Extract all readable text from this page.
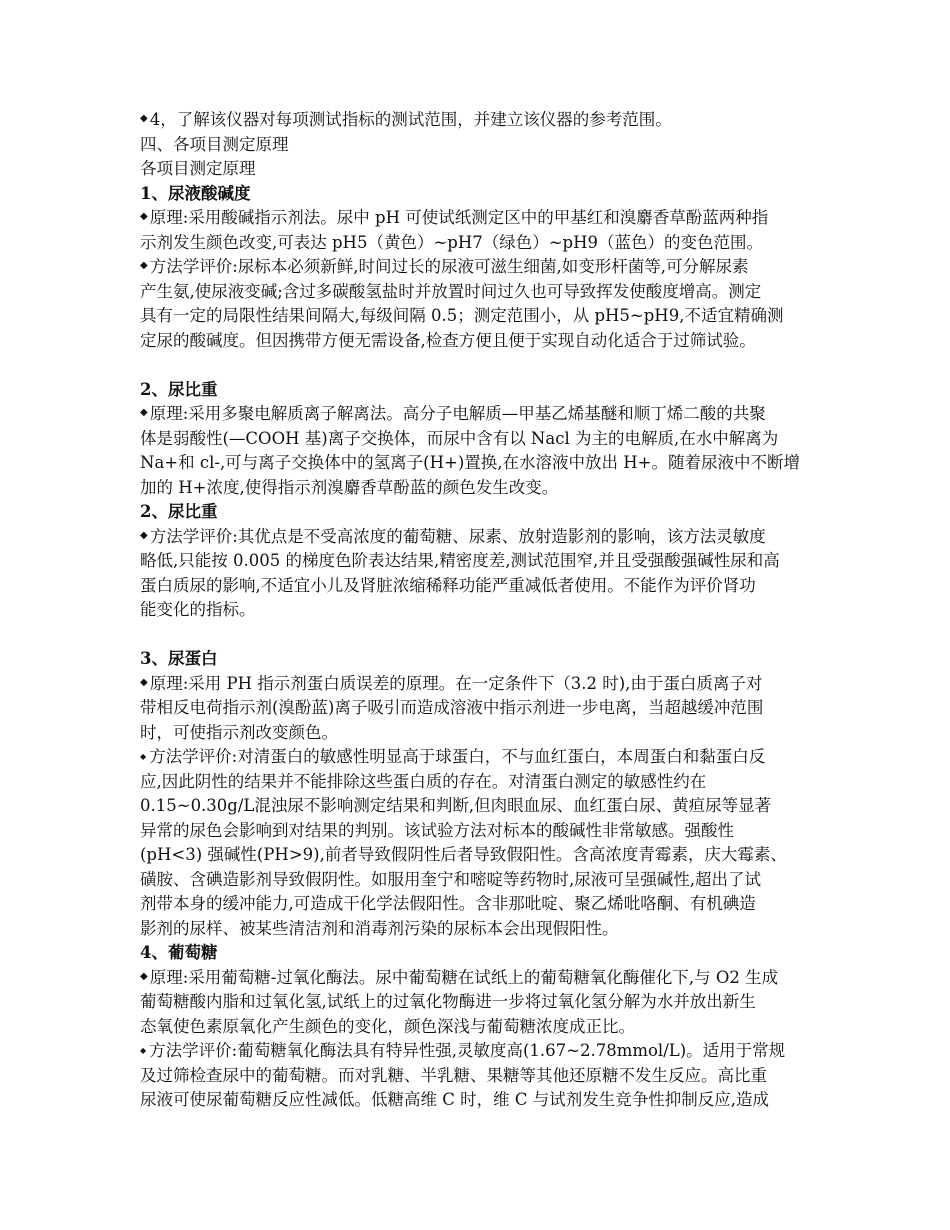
◆ 4，了解该仪器对每项测试指标的测试范围，并建立该仪器的参考范围。
四、各项目测定原理
各项目测定原理
1、尿液酸碱度
◆ 原理:采用酸碱指示剂法。尿中 pH 可使试纸测定区中的甲基红和溴麝香草酚蓝两种指
示剂发生颜色改变,可表达 pH5（黄色）~pH7（绿色）~pH9（蓝色）的变色范围。
◆ 方法学评价:尿标本必须新鲜,时间过长的尿液可滋生细菌,如变形杆菌等,可分解尿素
产生氨,使尿液变碱;含过多碳酸氢盐时并放置时间过久也可导致挥发使酸度增高。测定
具有一定的局限性结果间隔大,每级间隔 0.5；测定范围小，从 pH5~pH9,不适宜精确测
定尿的酸碱度。但因携带方便无需设备,检查方便且便于实现自动化适合于过筛试验。
2、尿比重
◆ 原理:采用多聚电解质离子解离法。高分子电解质—甲基乙烯基醚和顺丁烯二酸的共聚
体是弱酸性(—COOH 基)离子交换体，而尿中含有以 Nacl 为主的电解质,在水中解离为
Na+和 cl-,可与离子交换体中的氢离子(H+)置换,在水溶液中放出 H+。随着尿液中不断增
加的 H+浓度,使得指示剂溴麝香草酚蓝的颜色发生改变。
2、尿比重
◆ 方法学评价:其优点是不受高浓度的葡萄糖、尿素、放射造影剂的影响，该方法灵敏度
略低,只能按 0.005 的梯度色阶表达结果,精密度差,测试范围窄,并且受强酸强碱性尿和高
蛋白质尿的影响,不适宜小儿及肾脏浓缩稀释功能严重减低者使用。不能作为评价肾功
能变化的指标。
3、尿蛋白
◆ 原理:采用 PH 指示剂蛋白质误差的原理。在一定条件下（3.2 时),由于蛋白质离子对
带相反电荷指示剂(溴酚蓝)离子吸引而造成溶液中指示剂进一步电离，当超越缓冲范围
时，可使指示剂改变颜色。
◆ 方法学评价:对清蛋白的敏感性明显高于球蛋白，不与血红蛋白，本周蛋白和黏蛋白反
应,因此阴性的结果并不能排除这些蛋白质的存在。对清蛋白测定的敏感性约在
0.15~0.30g/L混浊尿不影响测定结果和判断,但肉眼血尿、血红蛋白尿、黄疸尿等显著
异常的尿色会影响到对结果的判别。该试验方法对标本的酸碱性非常敏感。强酸性
(pH<3) 强碱性(PH>9),前者导致假阴性后者导致假阳性。含高浓度青霉素，庆大霉素、
磺胺、含碘造影剂导致假阴性。如服用奎宁和嘧啶等药物时,尿液可呈强碱性,超出了试
剂带本身的缓冲能力,可造成干化学法假阳性。含非那吡啶、聚乙烯吡咯酮、有机碘造
影剂的尿样、被某些清洁剂和消毒剂污染的尿标本会出现假阳性。
4、葡萄糖
◆ 原理:采用葡萄糖-过氧化酶法。尿中葡萄糖在试纸上的葡萄糖氧化酶催化下,与 O2 生成
葡萄糖酸内脂和过氧化氢,试纸上的过氧化物酶进一步将过氧化氢分解为水并放出新生
态氧使色素原氧化产生颜色的变化，颜色深浅与葡萄糖浓度成正比。
◆ 方法学评价:葡萄糖氧化酶法具有特异性强,灵敏度高(1.67~2.78mmol/L)。适用于常规
及过筛检查尿中的葡萄糖。而对乳糖、半乳糖、果糖等其他还原糖不发生反应。高比重
尿液可使尿葡萄糖反应性减低。低糖高维 C 时，维 C 与试剂发生竞争性抑制反应,造成
